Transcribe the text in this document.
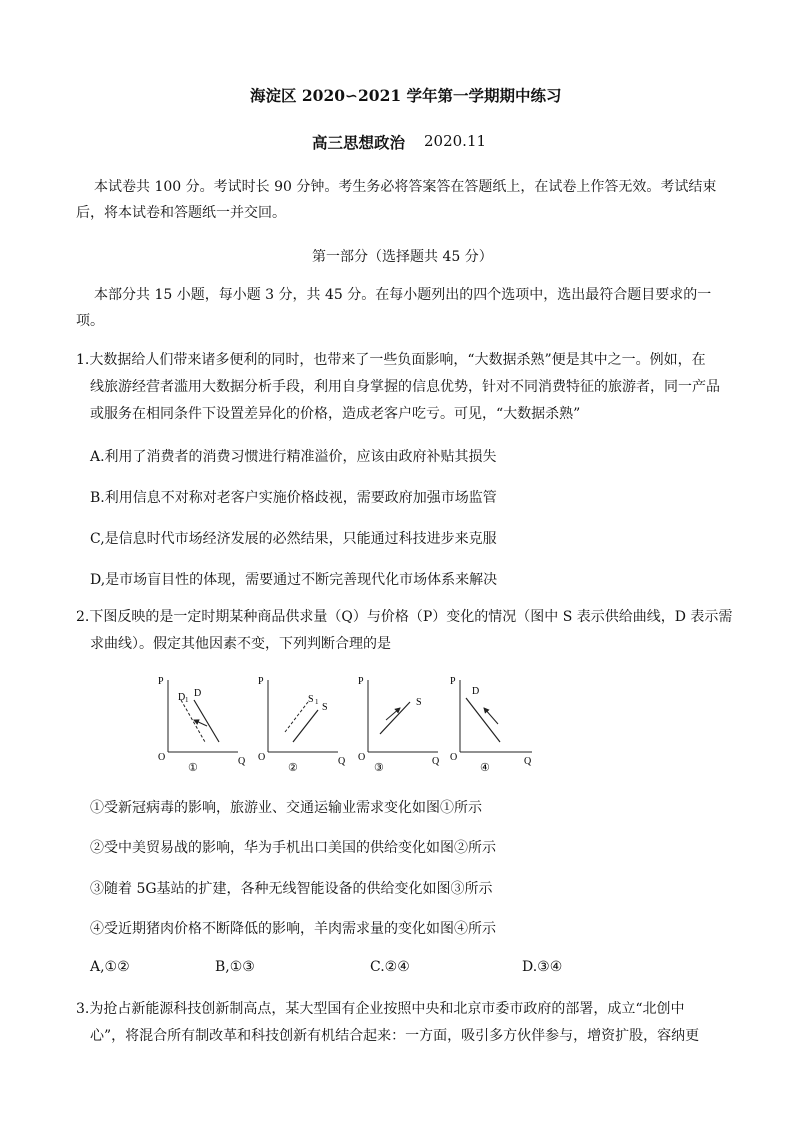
海淀区 2020∽2021 学年第一学期期中练习
高三思想政治 2020.11
本试卷共 100 分。考试时长 90 分钟。考生务必将答案答在答题纸上，在试卷上作答无效。考试结束
后，将本试卷和答题纸一并交回。
第一部分（选择题共 45 分）
本部分共 15 小题，每小题 3 分，共 45 分。在每小题列出的四个选项中，选出最符合题目要求的一
项。
1.大数据给人们带来诸多便利的同时，也带来了一些负面影响，“大数据杀熟”便是其中之一。例如，在
线旅游经营者滥用大数据分析手段，利用自身掌握的信息优势，针对不同消费特征的旅游者，同一产品
或服务在相同条件下设置差异化的价格，造成老客户吃亏。可见，“大数据杀熟”
A.利用了消费者的消费习惯进行精准溢价，应该由政府补贴其损失
B.利用信息不对称对老客户实施价格歧视，需要政府加强市场监管
C,是信息时代市场经济发展的必然结果，只能通过科技进步来克服
D,是市场盲目性的体现，需要通过不断完善现代化市场体系来解决
2.下图反映的是一定时期某种商品供求量（Q）与价格（P）变化的情况（图中 S 表示供给曲线，D 表示需
求曲线）。假定其他因素不变，下列判断合理的是
P
Q
O
D 1
D
①
P
Q
O
S 1 S
②
P
Q
O
S
③
P
Q
O
D
④
①受新冠病毒的影响，旅游业、交通运输业需求变化如图①所示
②受中美贸易战的影响，华为手机出口美国的供给变化如图②所示
③随着 5G基站的扩建，各种无线智能设备的供给变化如图③所示
④受近期猪肉价格不断降低的影响，羊肉需求量的变化如图④所示
A,①②	B,①③	C.②④	D.③④
3.为抢占新能源科技创新制高点，某大型国有企业按照中央和北京市委市政府的部署，成立“北创中
心”，将混合所有制改革和科技创新有机结合起来：一方面，吸引多方伙伴参与，增资扩股，容纳更
